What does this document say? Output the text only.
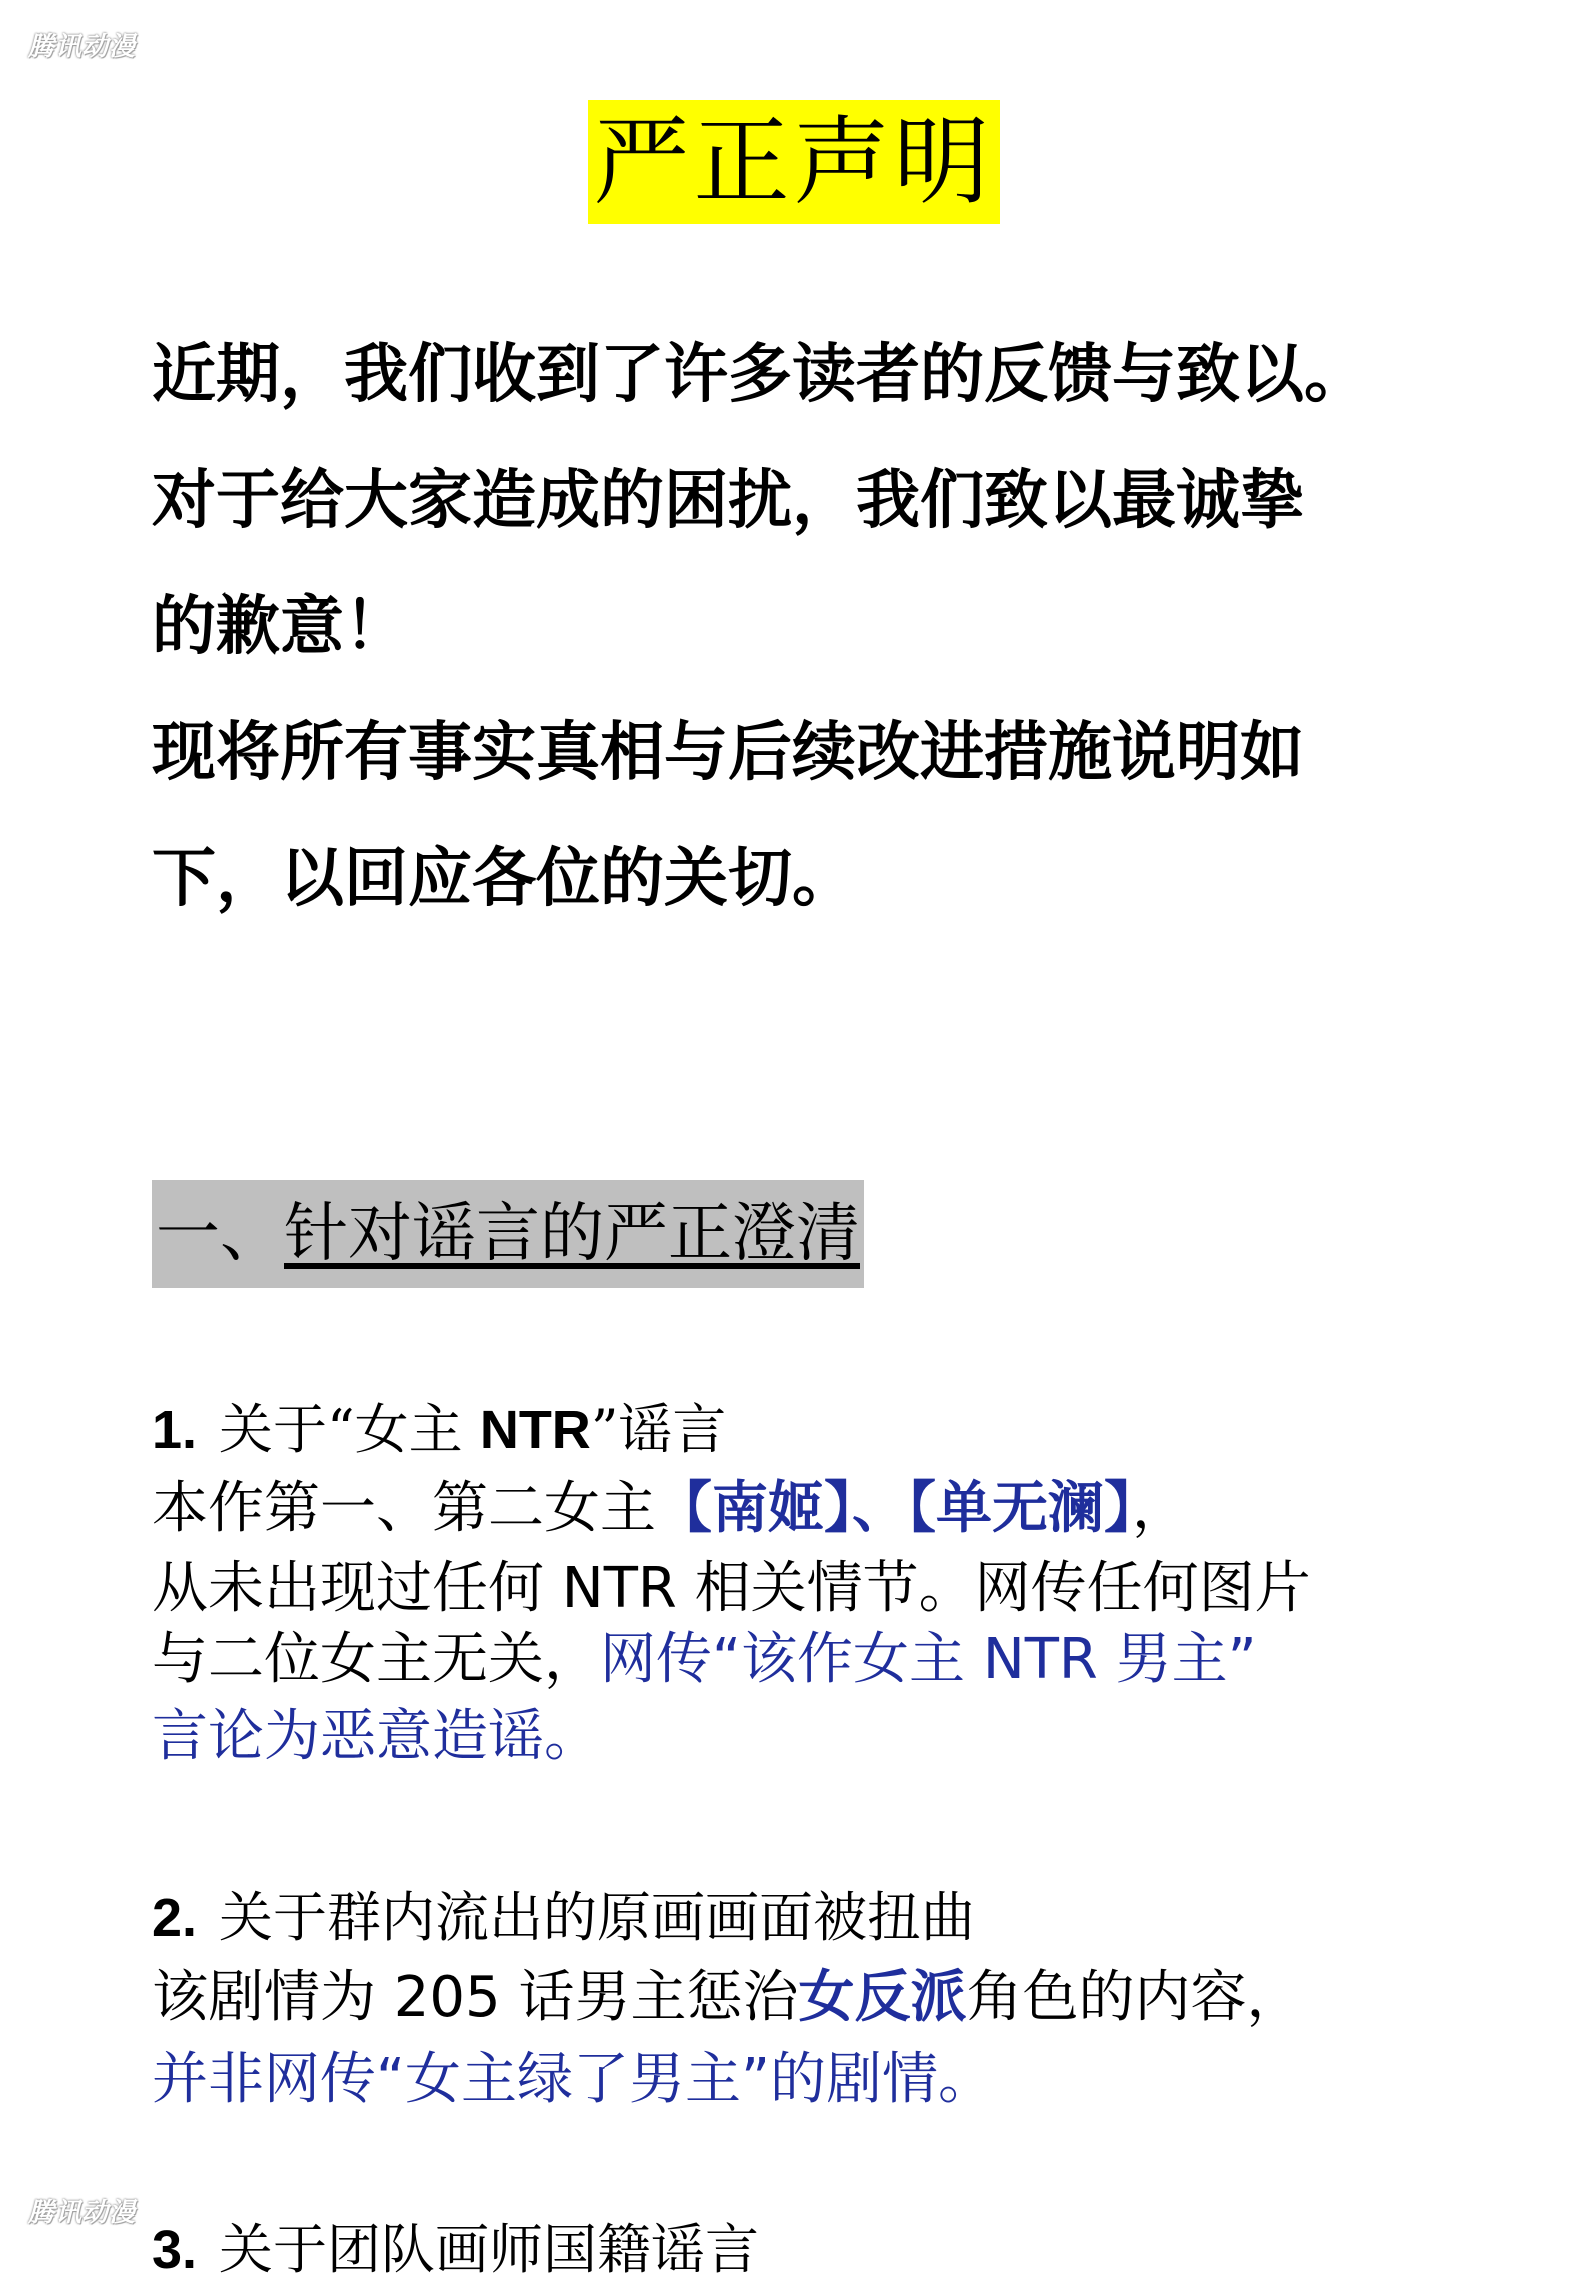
腾讯动漫
严正声明

近期，我们收到了许多读者的反馈与致以。

对于给大家造成的困扰，我们致以最诚挚

的歉意！

现将所有事实真相与后续改进措施说明如

下，以回应各位的关切。

一、针对谣言的严正澄清
1. 关于“女主 NTR”谣言

本作第一、第二女主【南姬】、【单无澜】，

从未出现过任何 NTR 相关情节。网传任何图片

与二位女主无关，网传“该作女主 NTR 男主”

言论为恶意造谣。

2. 关于群内流出的原画画面被扭曲

该剧情为 205 话男主惩治女反派角色的内容，

并非网传“女主绿了男主”的剧情。

3. 关于团队画师国籍谣言
腾讯动漫
